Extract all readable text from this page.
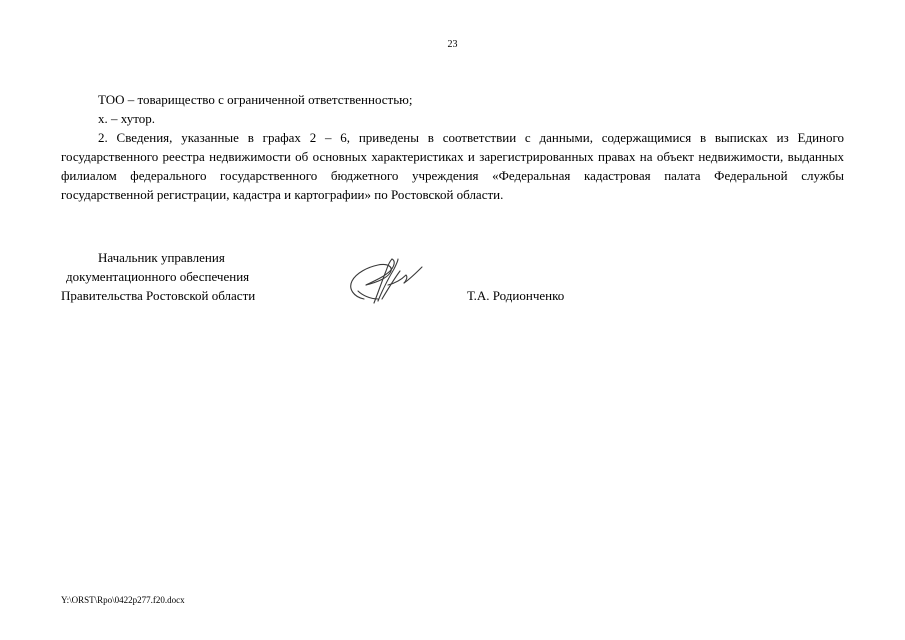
23

ТОО – товарищество с ограниченной ответственностью;

х. – хутор.

2. Сведения, указанные в графах 2 – 6, приведены в соответствии с данными, содержащимися в выписках из Единого государственного реестра недвижимости об основных характеристиках и зарегистрированных правах на объект недвижимости, выданных филиалом федерального государственного бюджетного учреждения «Федеральная кадастровая палата Федеральной службы государственной регистрации, кадастра и картографии» по Ростовской области.

Начальник управления
документационного обеспечения
Правительства Ростовской области	Т.А. Родионченко
Y:\ORST\Rpo\0422p277.f20.docx
